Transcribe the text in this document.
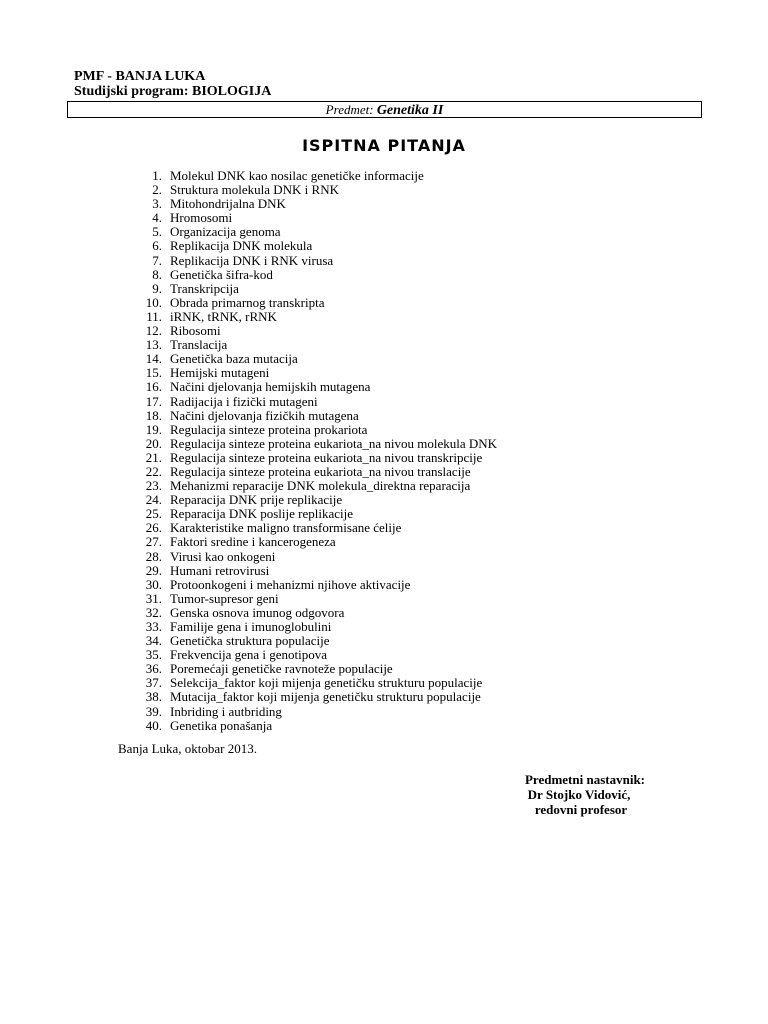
PMF - BANJA LUKA
Studijski program: BIOLOGIJA
Predmet: Genetika II
ISPITNA PITANJA
1. Molekul DNK kao nosilac genetičke informacije
2. Struktura molekula DNK i RNK
3. Mitohondrijalna DNK
4. Hromosomi
5. Organizacija genoma
6. Replikacija DNK molekula
7. Replikacija DNK i RNK virusa
8. Genetička šifra-kod
9. Transkripcija
10. Obrada primarnog transkripta
11. iRNK, tRNK, rRNK
12. Ribosomi
13. Translacija
14. Genetička baza mutacija
15. Hemijski mutageni
16. Načini djelovanja hemijskih mutagena
17. Radijacija i fizički mutageni
18. Načini djelovanja fizičkih mutagena
19. Regulacija sinteze proteina prokariota
20. Regulacija sinteze proteina eukariota_na nivou molekula DNK
21. Regulacija sinteze proteina eukariota_na nivou transkripcije
22. Regulacija sinteze proteina eukariota_na nivou translacije
23. Mehanizmi reparacije DNK molekula_direktna reparacija
24. Reparacija DNK prije replikacije
25. Reparacija DNK poslije replikacije
26. Karakteristike maligno transformisane ćelije
27. Faktori sredine i kancerogeneza
28. Virusi kao onkogeni
29. Humani retrovirusi
30. Protoonkogeni i mehanizmi njihove aktivacije
31. Tumor-supresor geni
32. Genska osnova imunog odgovora
33. Familije gena i imunoglobulini
34. Genetička struktura populacije
35. Frekvencija gena i genotipova
36. Poremećaji genetičke ravnoteže populacije
37. Selekcija_faktor koji mijenja genetičku strukturu populacije
38. Mutacija_faktor koji mijenja genetičku strukturu populacije
39. Inbriding i autbriding
40. Genetika ponašanja
Banja Luka, oktobar 2013.
Predmetni nastavnik:
Dr Stojko Vidović,
redovni profesor
